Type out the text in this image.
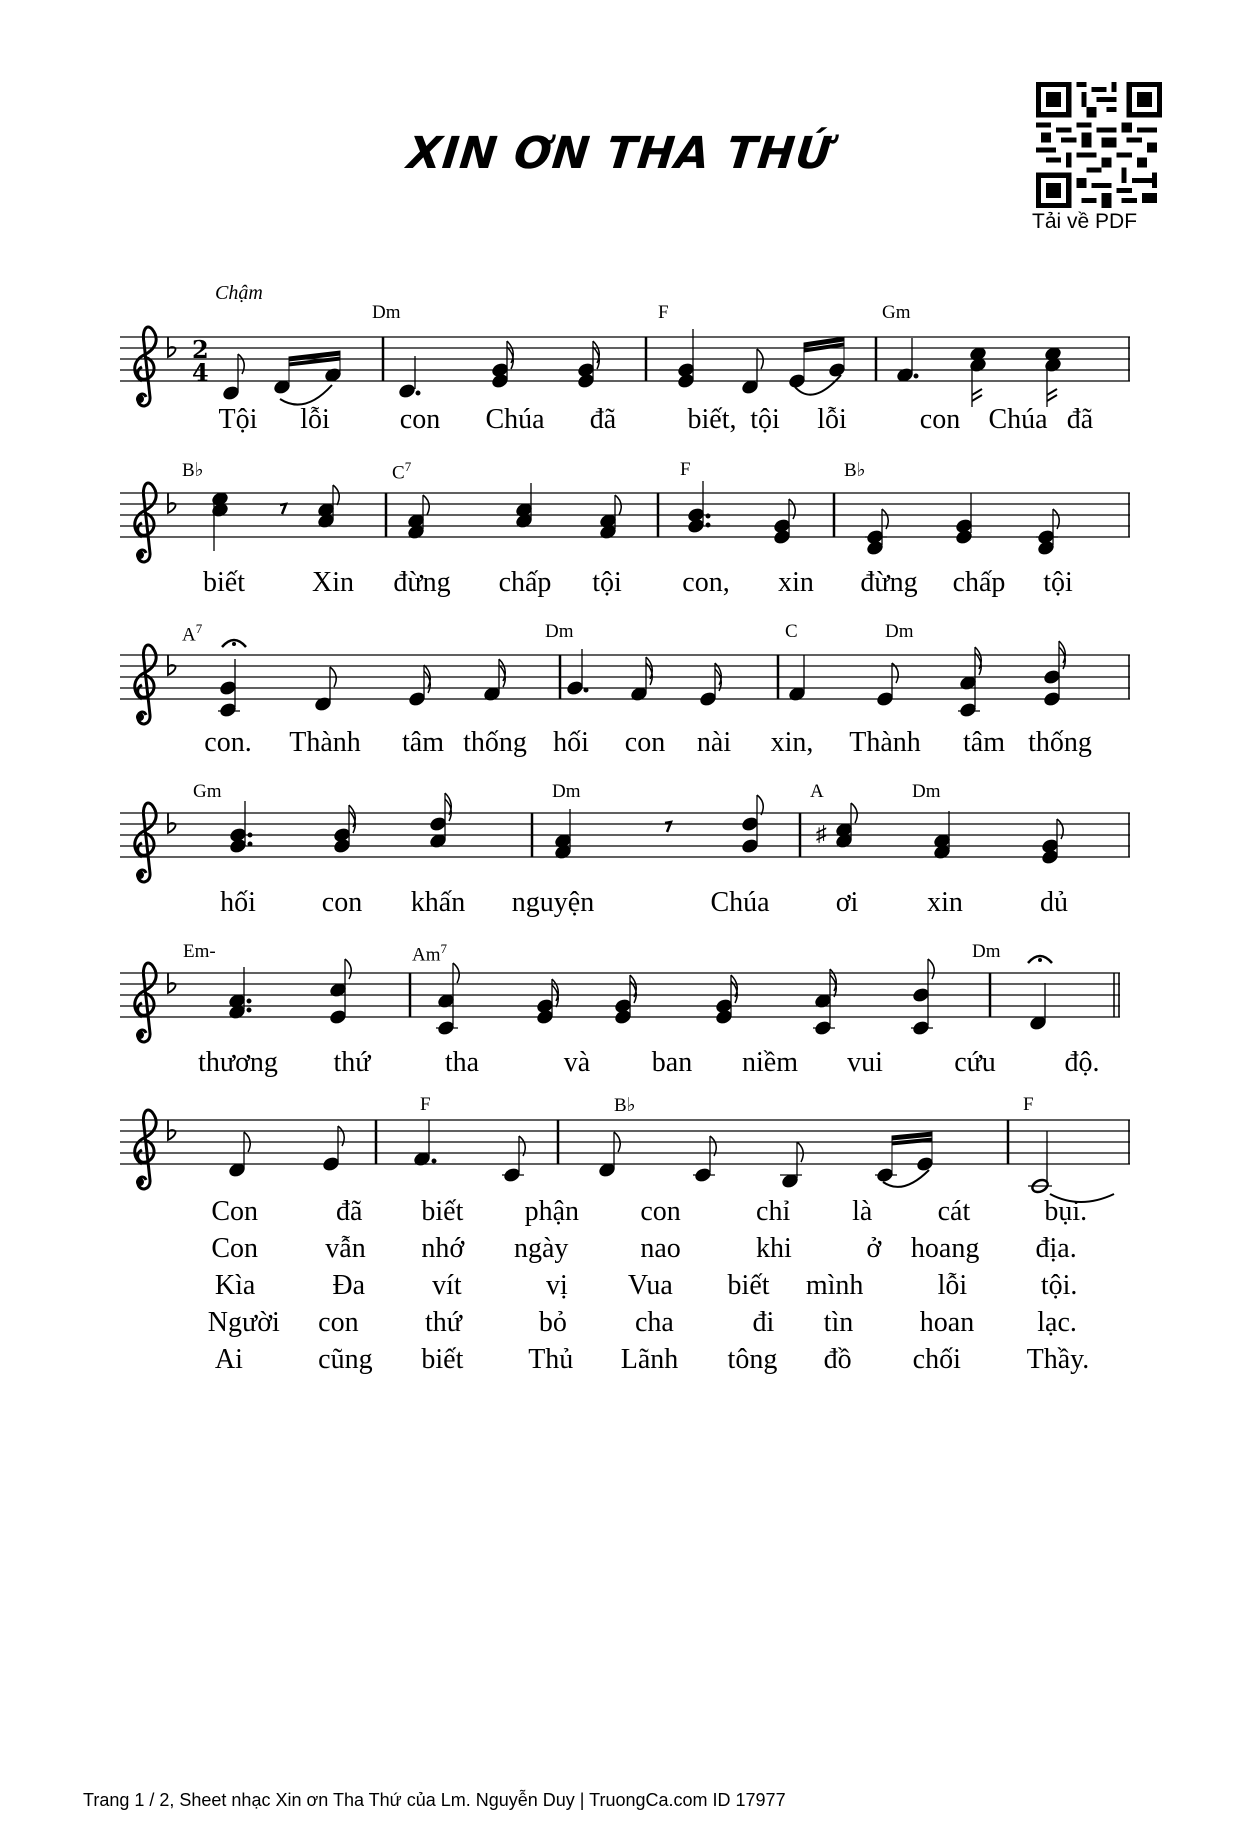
XIN ƠN THA THỨ
Tải về PDF
Chậm
Dm	F	Gm
2
4
Tội lỗi	con Chúa đã	biết, tội lỗi	con Chúa đã
B♭	$C^7$	F	B♭
biết Xin đừng chấp tội con, xin đừng chấp tội
$A^7$	Dm	C	Dm
con. Thành tâm thống hối con nài xin, Thành tâm thống
Gm	Dm	A	Dm
♯
hối con khấn nguyện	Chúa ơi xin	dủ
Em-	Am$^7$	Dm
thương thứ	tha	và ban niềm vui	cứu độ.
F	B♭	F
Con	đã biết phận con	chỉ là cát	bụi.
Con vẫn nhớ ngày	nao	khi	ở hoang địa.
Kìa	Đa vít	vị Vua biết mình	lỗi	tội.
Người con thứ	bỏ cha	đi tìn hoan lạc.
Ai	cũng biết Thủ Lãnh tông đồ chối Thầy.
Trang 1 / 2, Sheet nhạc Xin ơn Tha Thứ của Lm. Nguyễn Duy | TruongCa.com ID 17977
